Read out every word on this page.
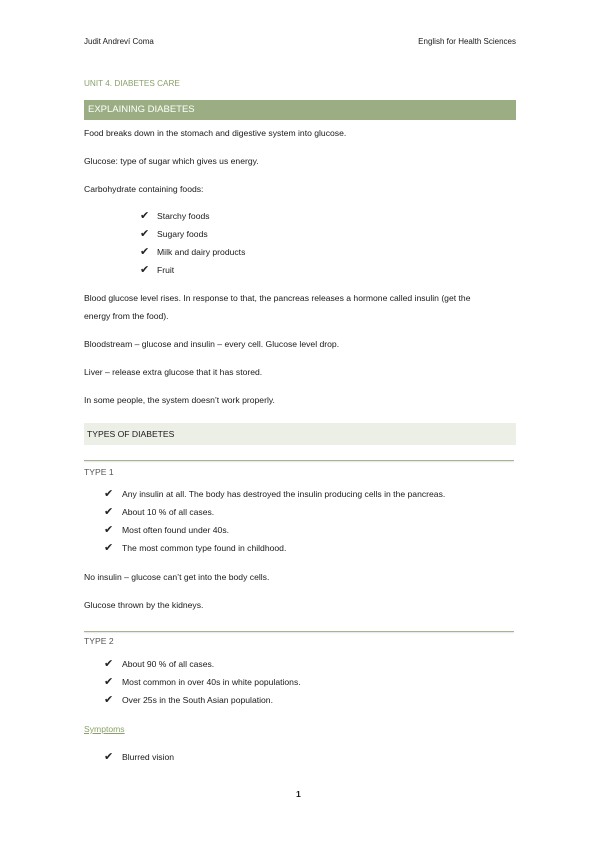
Judit Andreví Coma	English for Health Sciences
UNIT 4. DIABETES CARE
EXPLAINING DIABETES
Food breaks down in the stomach and digestive system into glucose.
Glucose: type of sugar which gives us energy.
Carbohydrate containing foods:
✔ Starchy foods
✔ Sugary foods
✔ Milk and dairy products
✔ Fruit
Blood glucose level rises. In response to that, the pancreas releases a hormone called insulin (get the
energy from the food).
Bloodstream – glucose and insulin – every cell. Glucose level drop.
Liver – release extra glucose that it has stored.
In some people, the system doesn’t work properly.
TYPES OF DIABETES
TYPE 1
✔ Any insulin at all. The body has destroyed the insulin producing cells in the pancreas.
✔ About 10 % of all cases.
✔ Most often found under 40s.
✔ The most common type found in childhood.
No insulin – glucose can’t get into the body cells.
Glucose thrown by the kidneys.
TYPE 2
✔ About 90 % of all cases.
✔ Most common in over 40s in white populations.
✔ Over 25s in the South Asian population.
Symptoms
✔ Blurred vision
1
